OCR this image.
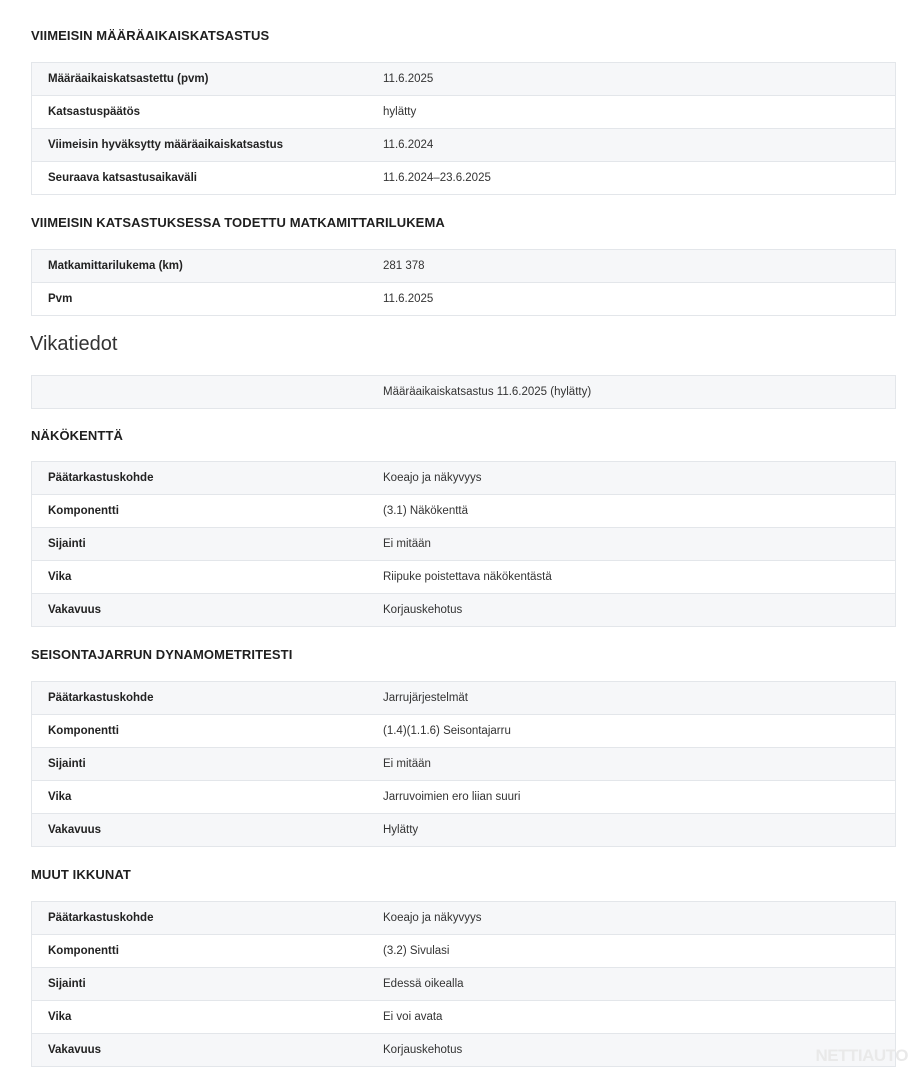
VIIMEISIN MÄÄRÄAIKAISKATSASTUS
Määräaikaiskatsastettu (pvm)	11.6.2025
Katsastuspäätös	hylätty
Viimeisin hyväksytty määräaikaiskatsastus	11.6.2024
Seuraava katsastusaikaväli	11.6.2024–23.6.2025
VIIMEISIN KATSASTUKSESSA TODETTU MATKAMITTARILUKEMA
Matkamittarilukema (km)	281 378
Pvm	11.6.2025
Vikatiedot
	Määräaikaiskatsastus 11.6.2025 (hylätty)
NÄKÖKENTTÄ
Päätarkastuskohde	Koeajo ja näkyvyys
Komponentti	(3.1) Näkökenttä
Sijainti	Ei mitään
Vika	Riipuke poistettava näkökentästä
Vakavuus	Korjauskehotus
SEISONTAJARRUN DYNAMOMETRITESTI
Päätarkastuskohde	Jarrujärjestelmät
Komponentti	(1.4)(1.1.6) Seisontajarru
Sijainti	Ei mitään
Vika	Jarruvoimien ero liian suuri
Vakavuus	Hylätty
MUUT IKKUNAT
Päätarkastuskohde	Koeajo ja näkyvyys
Komponentti	(3.2) Sivulasi
Sijainti	Edessä oikealla
Vika	Ei voi avata
Vakavuus	Korjauskehotus	NETTIAUTO
